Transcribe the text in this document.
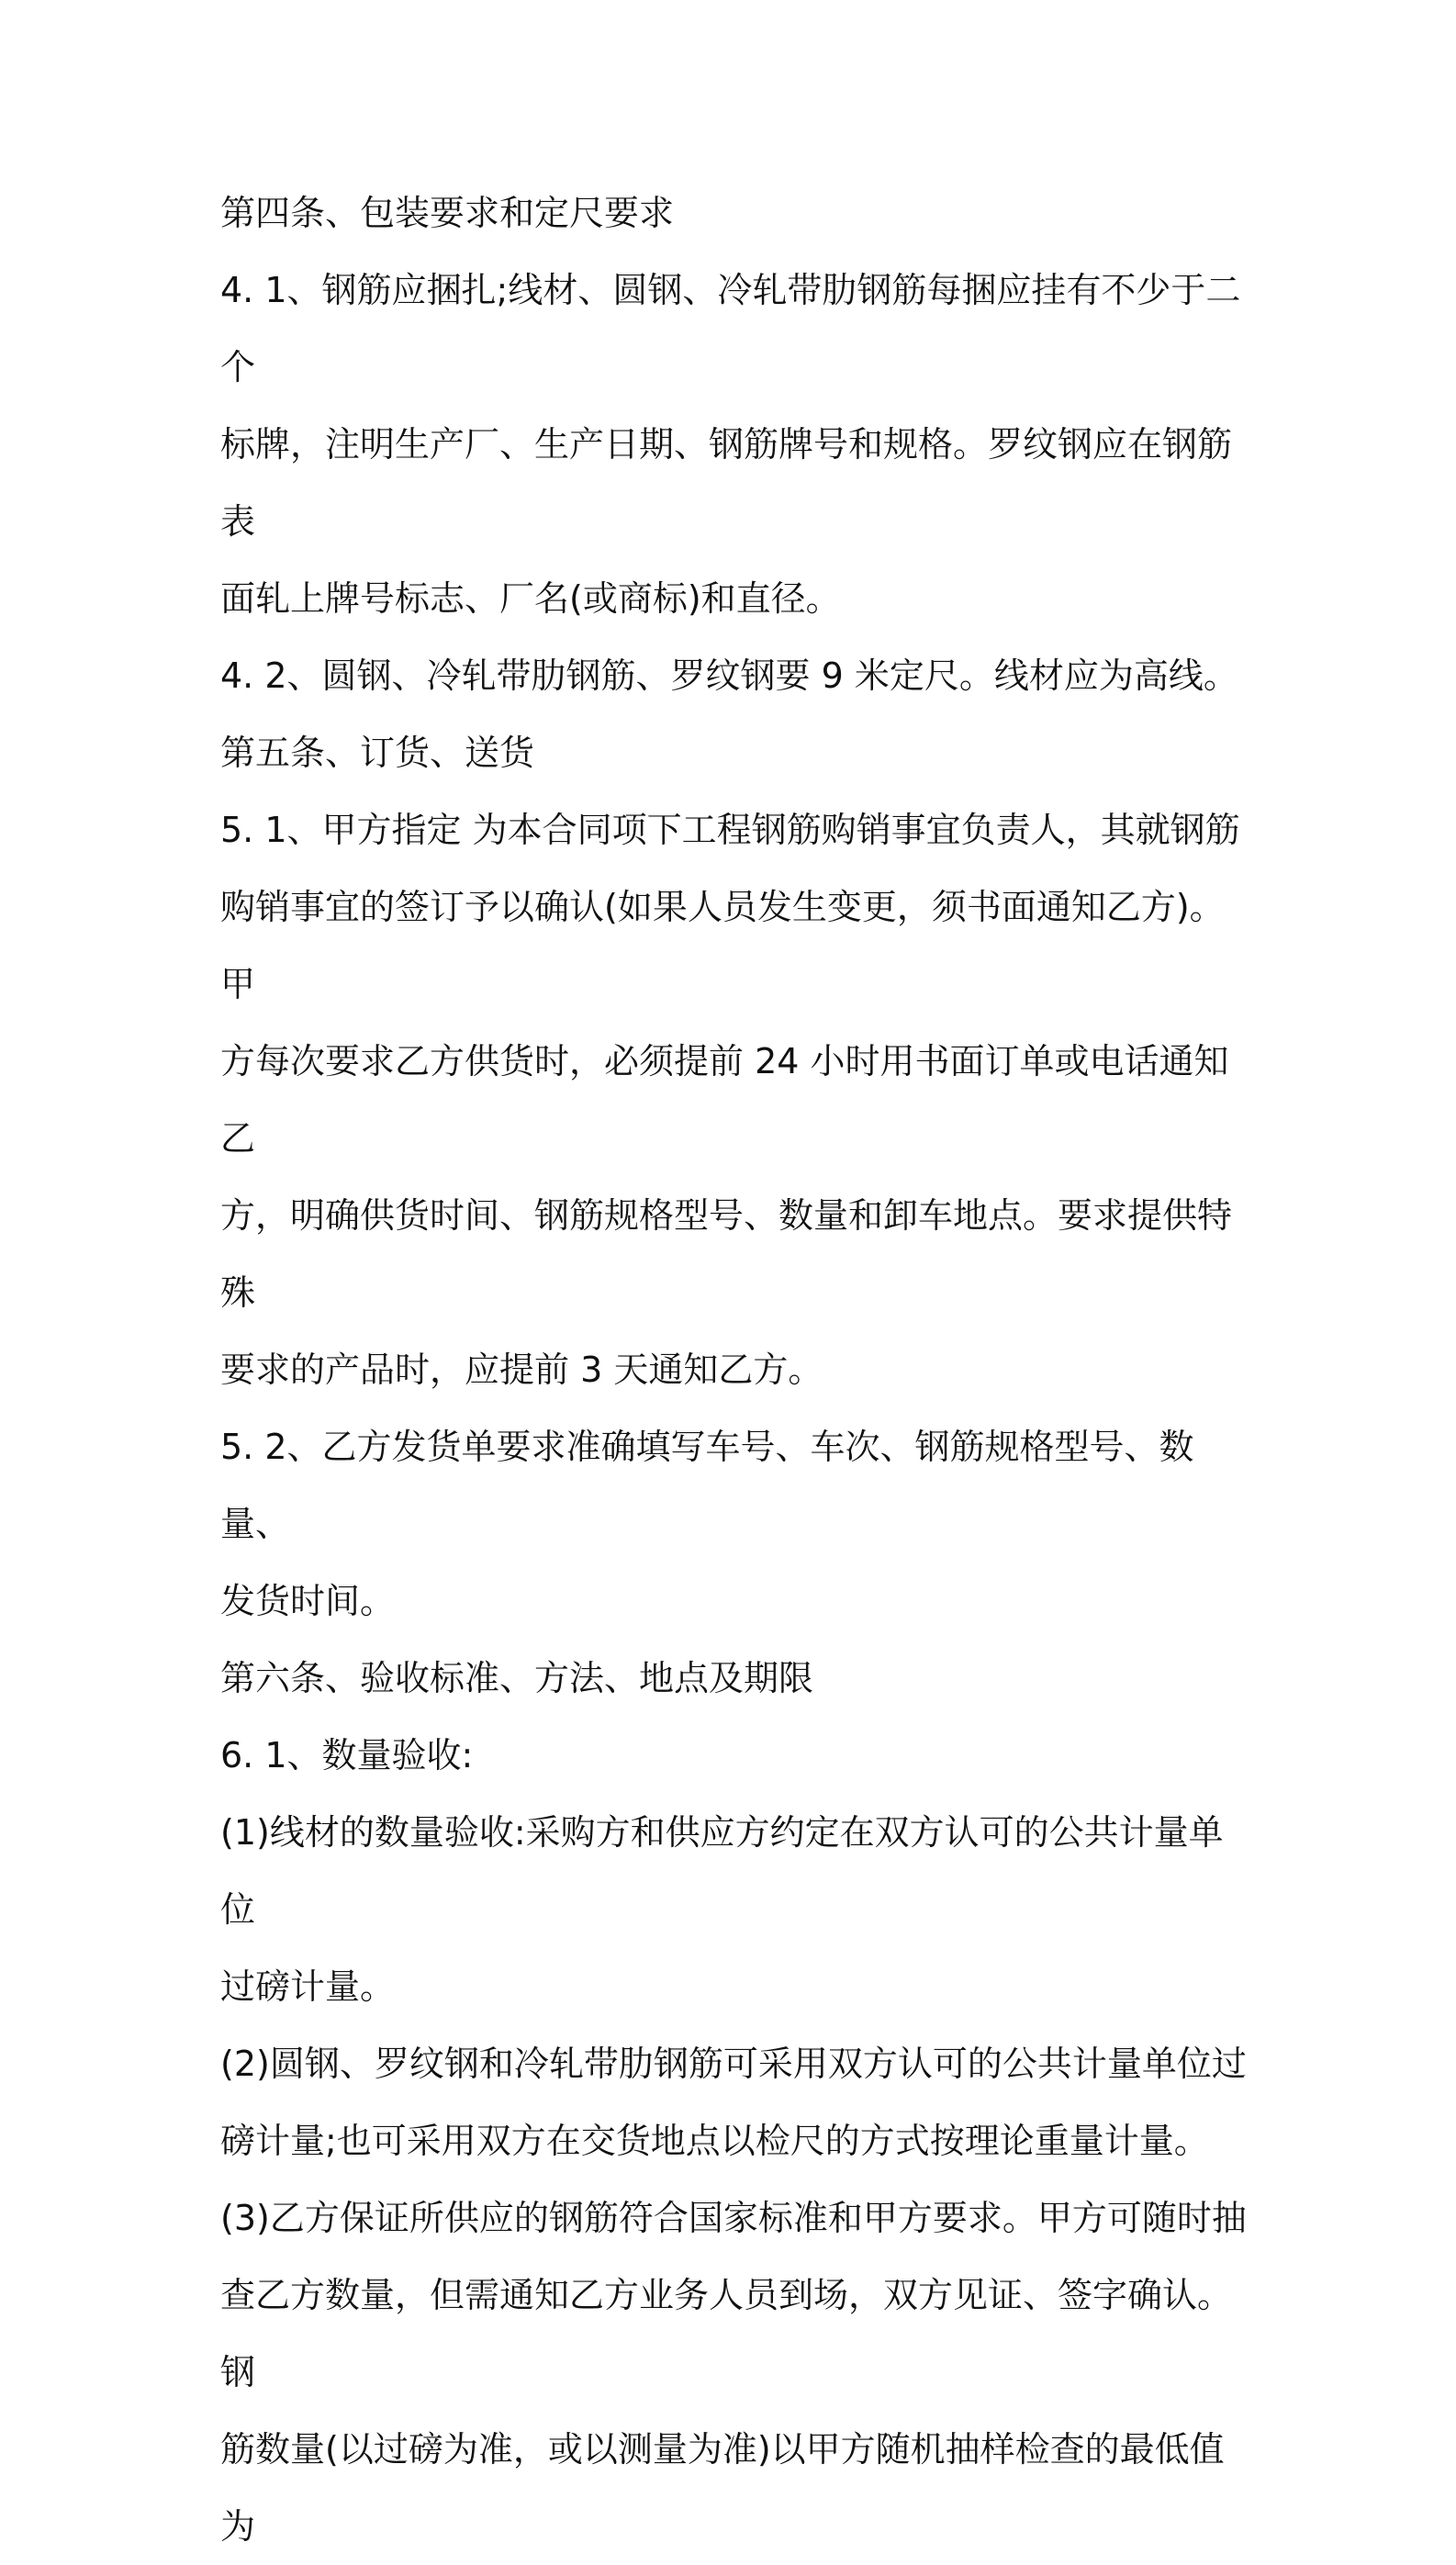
第四条、包装要求和定尺要求

4. 1、钢筋应捆扎;线材、圆钢、冷轧带肋钢筋每捆应挂有不少于二个

标牌，注明生产厂、生产日期、钢筋牌号和规格。罗纹钢应在钢筋表

面轧上牌号标志、厂名(或商标)和直径。

4. 2、圆钢、冷轧带肋钢筋、罗纹钢要 9 米定尺。线材应为高线。

第五条、订货、送货

5. 1、甲方指定 为本合同项下工程钢筋购销事宜负责人，其就钢筋

购销事宜的签订予以确认(如果人员发生变更，须书面通知乙方)。甲

方每次要求乙方供货时，必须提前 24 小时用书面订单或电话通知乙

方，明确供货时间、钢筋规格型号、数量和卸车地点。要求提供特殊

要求的产品时，应提前 3 天通知乙方。

5. 2、乙方发货单要求准确填写车号、车次、钢筋规格型号、数量、

发货时间。

第六条、验收标准、方法、地点及期限

6. 1、数量验收:

(1)线材的数量验收:采购方和供应方约定在双方认可的公共计量单位

过磅计量。

(2)圆钢、罗纹钢和冷轧带肋钢筋可采用双方认可的公共计量单位过

磅计量;也可采用双方在交货地点以检尺的方式按理论重量计量。

(3)乙方保证所供应的钢筋符合国家标准和甲方要求。甲方可随时抽

查乙方数量，但需通知乙方业务人员到场，双方见证、签字确认。钢

筋数量(以过磅为准，或以测量为准)以甲方随机抽样检查的最低值为
